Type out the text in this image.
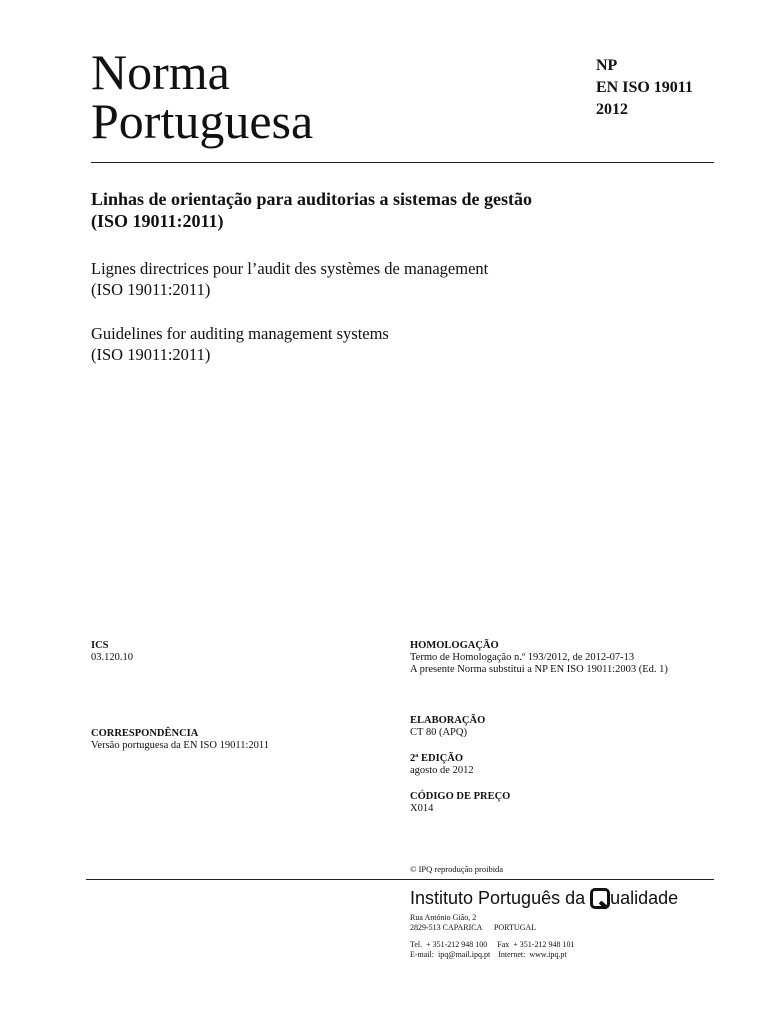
Norma
Portuguesa
NP
EN ISO 19011
2012
Linhas de orientação para auditorias a sistemas de gestão
(ISO 19011:2011)
Lignes directrices pour l’audit des systèmes de management
(ISO 19011:2011)
Guidelines for auditing management systems
(ISO 19011:2011)
ICS
03.120.10
CORRESPONDÊNCIA
Versão portuguesa da EN ISO 19011:2011
HOMOLOGAÇÃO
Termo de Homologação n.º 193/2012, de 2012-07-13
A presente Norma substitui a NP EN ISO 19011:2003 (Ed. 1)
ELABORAÇÃO
CT 80 (APQ)
2ª EDIÇÃO
agosto de 2012
CÓDIGO DE PREÇO
X014
© IPQ reprodução proibida
Instituto Português da ualidade
Rua António Gião, 2
2829-513 CAPARICA      PORTUGAL
Tel.  + 351-212 948 100     Fax  + 351-212 948 101
E-mail:  ipq@mail.ipq.pt    Internet:  www.ipq.pt
